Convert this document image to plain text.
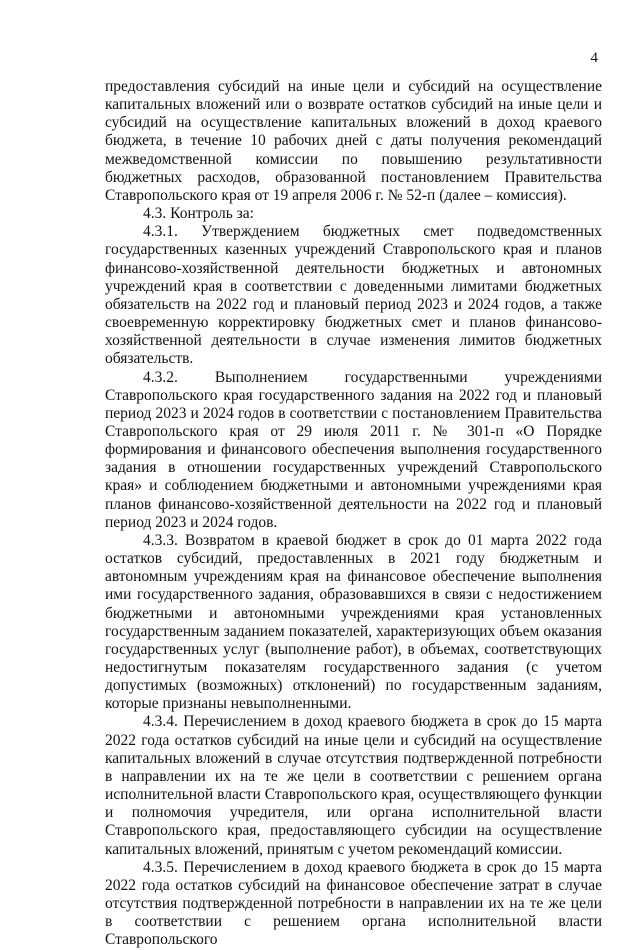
4

предоставления субсидий на иные цели и субсидий на осуществление капитальных вложений или о возврате остатков субсидий на иные цели и субсидий на осуществление капитальных вложений в доход краевого бюджета, в течение 10 рабочих дней с даты получения рекомендаций межведомственной комиссии по повышению результативности бюджетных расходов, образованной постановлением Правительства Ставропольского края от 19 апреля 2006 г. № 52-п (далее – комиссия).

4.3. Контроль за:

4.3.1. Утверждением бюджетных смет подведомственных государственных казенных учреждений Ставропольского края и планов финансово-хозяйственной деятельности бюджетных и автономных учреждений края в соответствии с доведенными лимитами бюджетных обязательств на 2022 год и плановый период 2023 и 2024 годов, а также своевременную корректировку бюджетных смет и планов финансово-хозяйственной деятельности в случае изменения лимитов бюджетных обязательств.

4.3.2. Выполнением государственными учреждениями Ставропольского края государственного задания на 2022 год и плановый период 2023 и 2024 годов в соответствии с постановлением Правительства Ставропольского края от 29 июля 2011 г. № 301-п «О Порядке формирования и финансового обеспечения выполнения государственного задания в отношении государственных учреждений Ставропольского края» и соблюдением бюджетными и автономными учреждениями края планов финансово-хозяйственной деятельности на 2022 год и плановый период 2023 и 2024 годов.

4.3.3. Возвратом в краевой бюджет в срок до 01 марта 2022 года остатков субсидий, предоставленных в 2021 году бюджетным и автономным учреждениям края на финансовое обеспечение выполнения ими государственного задания, образовавшихся в связи с недостижением бюджетными и автономными учреждениями края установленных государственным заданием показателей, характеризующих объем оказания государственных услуг (выполнение работ), в объемах, соответствующих недостигнутым показателям государственного задания (с учетом допустимых (возможных) отклонений) по государственным заданиям, которые признаны невыполненными.

4.3.4. Перечислением в доход краевого бюджета в срок до 15 марта 2022 года остатков субсидий на иные цели и субсидий на осуществление капитальных вложений в случае отсутствия подтвержденной потребности в направлении их на те же цели в соответствии с решением органа исполнительной власти Ставропольского края, осуществляющего функции и полномочия учредителя, или органа исполнительной власти Ставропольского края, предоставляющего субсидии на осуществление капитальных вложений, принятым с учетом рекомендаций комиссии.

4.3.5. Перечислением в доход краевого бюджета в срок до 15 марта 2022 года остатков субсидий на финансовое обеспечение затрат в случае отсутствия подтвержденной потребности в направлении их на те же цели в соответствии с решением органа исполнительной власти Ставропольского
